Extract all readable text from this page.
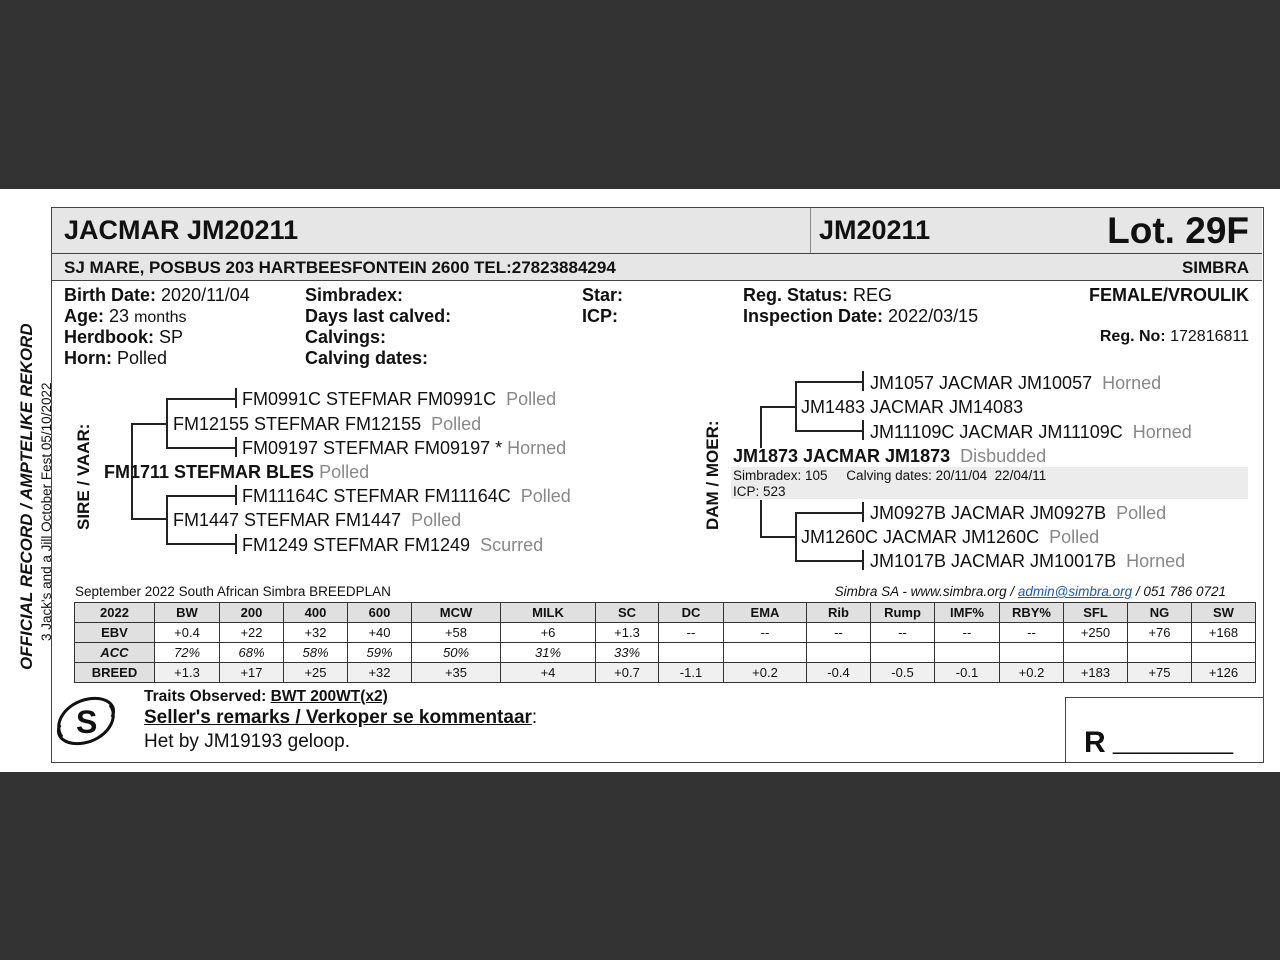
JACMAR JM20211	JM20211	Lot. 29F
SJ MARE, POSBUS 203 HARTBEESFONTEIN 2600 TEL:27823884294	SIMBRA
Birth Date: 2020/11/04
Age: 23 months
Herdbook: SP
Horn: Polled
Simbradex:
Days last calved:
Calvings:
Calving dates:
Star:
ICP:
Reg. Status: REG
Inspection Date: 2022/03/15
FEMALE/VROULIK
Reg. No: 172816811
OFFICIAL RECORD / AMPTELIKE REKORD 3 Jack's and a Jill October Fest 05/10/2022 SIRE / VAAR:
FM0991C STEFMAR FM0991C Polled
FM12155 STEFMAR FM12155 Polled
FM09197 STEFMAR FM09197 * Horned
FM1711 STEFMAR BLES Polled
FM11164C STEFMAR FM11164C Polled
FM1447 STEFMAR FM1447 Polled
FM1249 STEFMAR FM1249 Scurred
DAM / MOER:
JM1057 JACMAR JM10057 Horned
JM1483 JACMAR JM14083
JM11109C JACMAR JM11109C Horned
JM1873 JACMAR JM1873 Disbudded
Simbradex: 105     Calving dates: 20/11/04  22/04/11
ICP: 523
JM0927B JACMAR JM0927B Polled
JM1260C JACMAR JM1260C Polled
JM1017B JACMAR JM10017B Horned
September 2022 South African Simbra BREEDPLAN	Simbra SA - www.simbra.org / admin@simbra.org / 051 786 0721
2022	BW	200	400	600	MCW	MILK	SC	DC	EMA	Rib	Rump	IMF%	RBY%	SFL	NG	SW
EBV	+0.4	+22	+32	+40	+58	+6	+1.3	--	--	--	--	--	--	+250	+76	+168
ACC	72%	68%	58%	59%	50%	31%	33%									
BREED	+1.3	+17	+25	+32	+35	+4	+0.7	-1.1	+0.2	-0.4	-0.5	-0.1	+0.2	+183	+75	+126
S
Traits Observed: BWT 200WT(x2)
Seller's remarks / Verkoper se kommentaar:
Het by JM19193 geloop.	R _________
